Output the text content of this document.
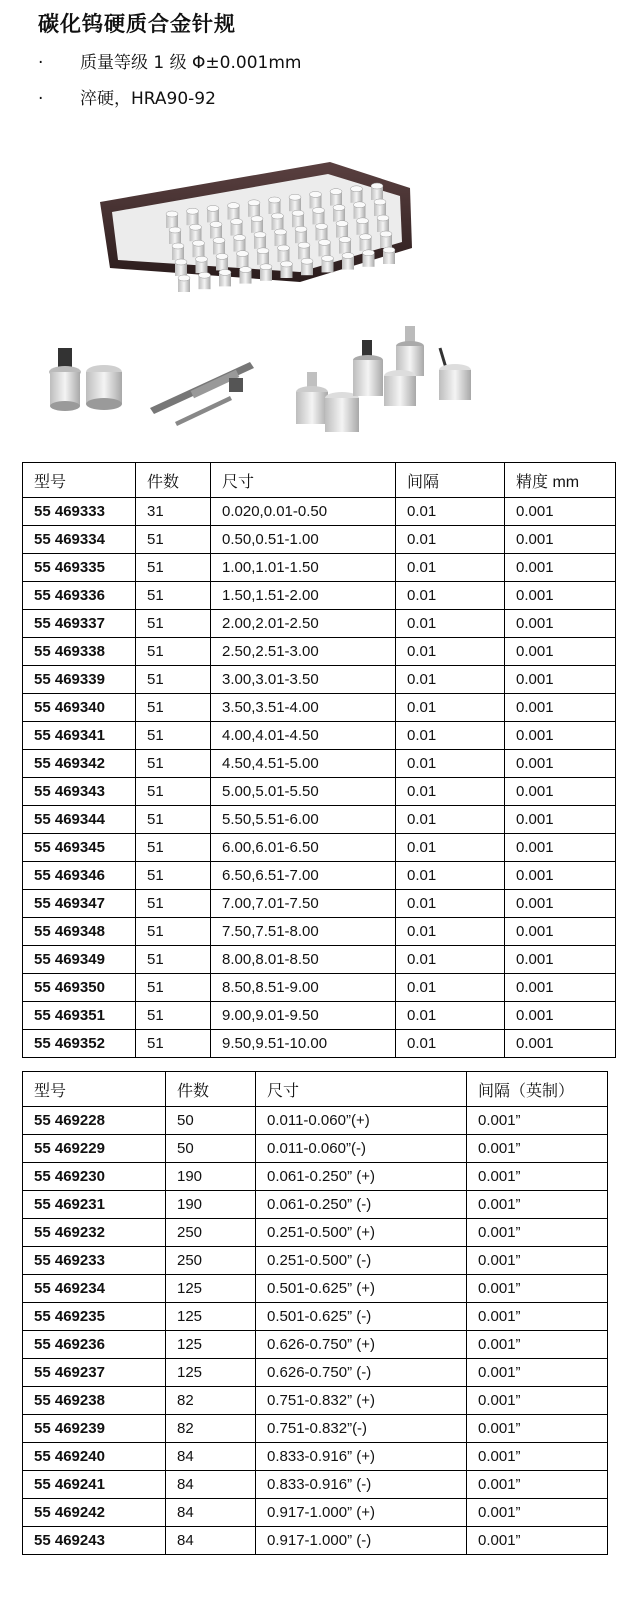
碳化钨硬质合金针规
· 质量等级 1 级 Φ±0.001mm
· 淬硬，HRA90-92
型号	件数	尺寸	间隔	精度 mm
55 469333	31	0.020,0.01-0.50	0.01	0.001
55 469334	51	0.50,0.51-1.00	0.01	0.001
55 469335	51	1.00,1.01-1.50	0.01	0.001
55 469336	51	1.50,1.51-2.00	0.01	0.001
55 469337	51	2.00,2.01-2.50	0.01	0.001
55 469338	51	2.50,2.51-3.00	0.01	0.001
55 469339	51	3.00,3.01-3.50	0.01	0.001
55 469340	51	3.50,3.51-4.00	0.01	0.001
55 469341	51	4.00,4.01-4.50	0.01	0.001
55 469342	51	4.50,4.51-5.00	0.01	0.001
55 469343	51	5.00,5.01-5.50	0.01	0.001
55 469344	51	5.50,5.51-6.00	0.01	0.001
55 469345	51	6.00,6.01-6.50	0.01	0.001
55 469346	51	6.50,6.51-7.00	0.01	0.001
55 469347	51	7.00,7.01-7.50	0.01	0.001
55 469348	51	7.50,7.51-8.00	0.01	0.001
55 469349	51	8.00,8.01-8.50	0.01	0.001
55 469350	51	8.50,8.51-9.00	0.01	0.001
55 469351	51	9.00,9.01-9.50	0.01	0.001
55 469352	51	9.50,9.51-10.00	0.01	0.001
型号	件数	尺寸	间隔（英制）
55 469228	50	0.011-0.060”(+)	0.001”
55 469229	50	0.011-0.060”(-)	0.001”
55 469230	190	0.061-0.250” (+)	0.001”
55 469231	190	0.061-0.250” (-)	0.001”
55 469232	250	0.251-0.500” (+)	0.001”
55 469233	250	0.251-0.500” (-)	0.001”
55 469234	125	0.501-0.625” (+)	0.001”
55 469235	125	0.501-0.625” (-)	0.001”
55 469236	125	0.626-0.750” (+)	0.001”
55 469237	125	0.626-0.750” (-)	0.001”
55 469238	82	0.751-0.832” (+)	0.001”
55 469239	82	0.751-0.832”(-)	0.001”
55 469240	84	0.833-0.916” (+)	0.001”
55 469241	84	0.833-0.916” (-)	0.001”
55 469242	84	0.917-1.000” (+)	0.001”
55 469243	84	0.917-1.000” (-)	0.001”
